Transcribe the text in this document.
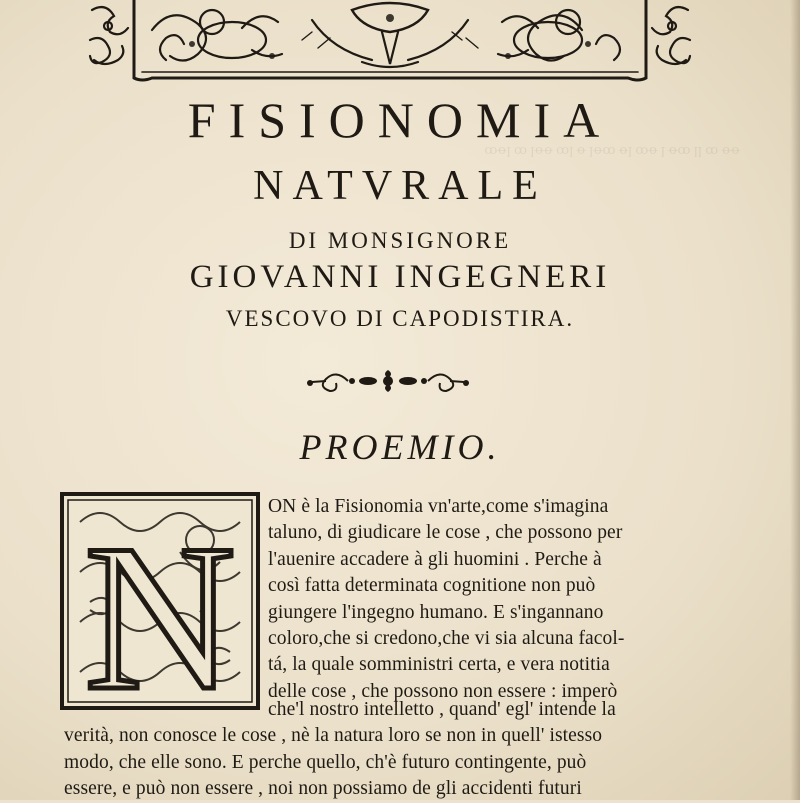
ꝋꝋ ꝏ ꞁꞁ ꝏꝋ ꞁ ꝋꝏ ꞁꝋ ꝏꝋꞁ ꝋ ꞁꝏ ꝋꝋꞁ ꝏ ꞁꝋꝏ
FISIONOMIA
NATVRALE
DI MONSIGNORE
GIOVANNI INGEGNERI
VESCOVO DI CAPODISTIRA.
PROEMIO.
N ON è la Fisionomia vn'arte,come s'imagina
taluno, di giudicare le cose , che possono per
l'auenire accadere à gli huomini . Perche à
così fatta determinata cognitione non può
giungere l'ingegno humano. E s'ingannano
coloro,che si credono,che vi sia alcuna facol-
tá, la quale somministri certa, e vera notitia
delle cose , che possono non essere : imperò
che'l nostro intelletto , quand' egl' intende la
verità, non conosce le cose , nè la natura loro se non in quell' istesso
modo, che elle sono. E perche quello, ch'è futuro contingente, può
essere, e può non essere , noi non possiamo de gli accidenti futuri
